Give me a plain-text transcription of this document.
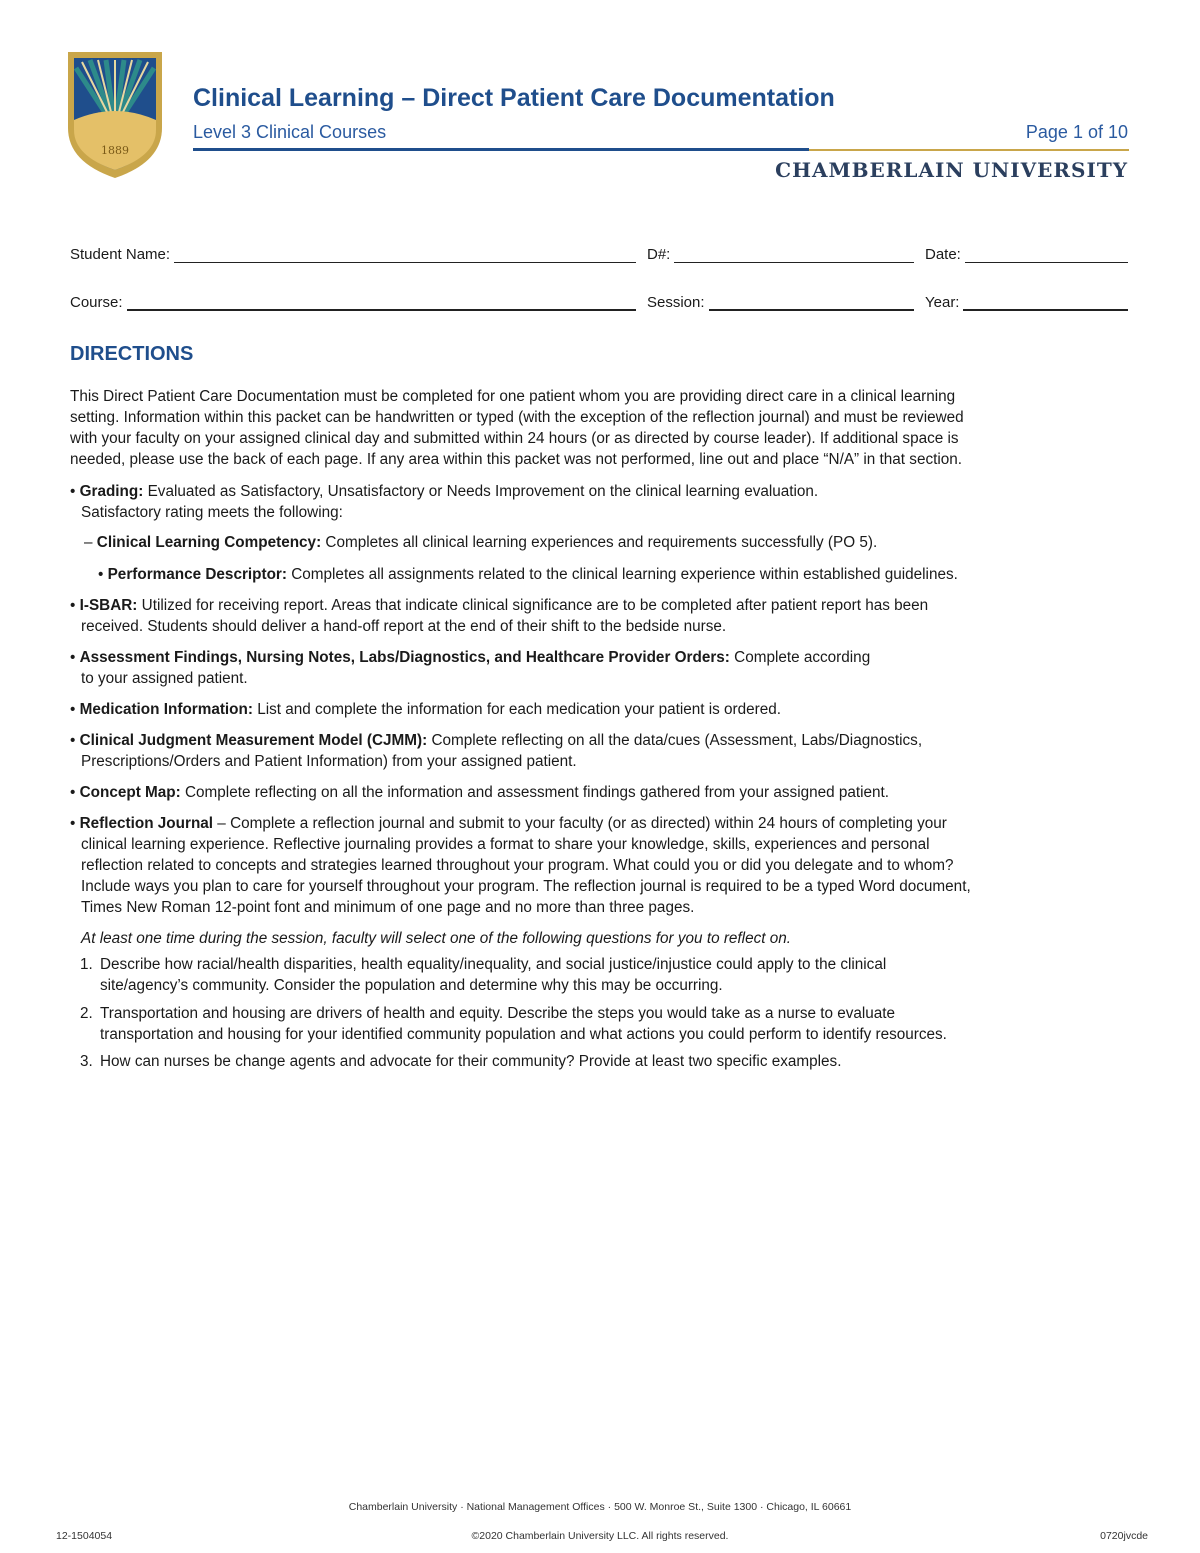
1889
Clinical Learning – Direct Patient Care Documentation
Level 3 Clinical Courses	Page 1 of 10
CHAMBERLAIN UNIVERSITY
Student Name:	D#:	Date:
Course:	Session:	Year:
DIRECTIONS
This Direct Patient Care Documentation must be completed for one patient whom you are providing direct care in a clinical learning
setting. Information within this packet can be handwritten or typed (with the exception of the reflection journal) and must be reviewed
with your faculty on your assigned clinical day and submitted within 24 hours (or as directed by course leader). If additional space is
needed, please use the back of each page. If any area within this packet was not performed, line out and place “N/A” in that section.
• Grading: Evaluated as Satisfactory, Unsatisfactory or Needs Improvement on the clinical learning evaluation.
Satisfactory rating meets the following:
– Clinical Learning Competency: Completes all clinical learning experiences and requirements successfully (PO 5).
• Performance Descriptor: Completes all assignments related to the clinical learning experience within established guidelines.
• I-SBAR: Utilized for receiving report. Areas that indicate clinical significance are to be completed after patient report has been
received. Students should deliver a hand-off report at the end of their shift to the bedside nurse.
• Assessment Findings, Nursing Notes, Labs/Diagnostics, and Healthcare Provider Orders: Complete according
to your assigned patient.
• Medication Information: List and complete the information for each medication your patient is ordered.
• Clinical Judgment Measurement Model (CJMM): Complete reflecting on all the data/cues (Assessment, Labs/Diagnostics,
Prescriptions/Orders and Patient Information) from your assigned patient.
• Concept Map: Complete reflecting on all the information and assessment findings gathered from your assigned patient.
• Reflection Journal – Complete a reflection journal and submit to your faculty (or as directed) within 24 hours of completing your
clinical learning experience. Reflective journaling provides a format to share your knowledge, skills, experiences and personal
reflection related to concepts and strategies learned throughout your program. What could you or did you delegate and to whom?
Include ways you plan to care for yourself throughout your program. The reflection journal is required to be a typed Word document,
Times New Roman 12-point font and minimum of one page and no more than three pages.
At least one time during the session, faculty will select one of the following questions for you to reflect on.
1. Describe how racial/health disparities, health equality/inequality, and social justice/injustice could apply to the clinical
site/agency’s community. Consider the population and determine why this may be occurring.
2. Transportation and housing are drivers of health and equity. Describe the steps you would take as a nurse to evaluate
transportation and housing for your identified community population and what actions you could perform to identify resources.
3. How can nurses be change agents and advocate for their community? Provide at least two specific examples.
Chamberlain University · National Management Offices · 500 W. Monroe St., Suite 1300 · Chicago, IL 60661
12-1504054	©2020 Chamberlain University LLC. All rights reserved.	0720jvcde
